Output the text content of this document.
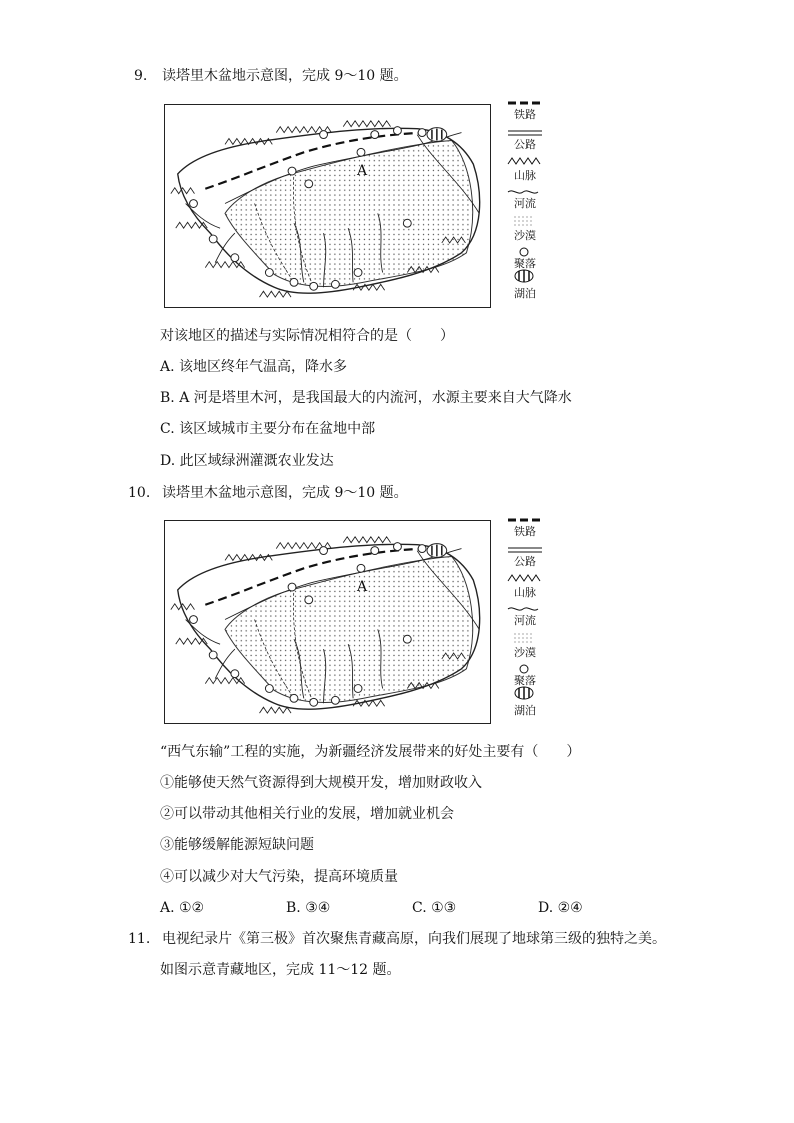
9. 读塔里木盆地示意图，完成 9～10 题。
A
铁路
公路
山脉
河流
沙漠
聚落
湖泊
对该地区的描述与实际情况相符合的是（　　）
A. 该地区终年气温高，降水多
B. A 河是塔里木河，是我国最大的内流河，水源主要来自大气降水
C. 该区域城市主要分布在盆地中部
D. 此区域绿洲灌溉农业发达
10. 读塔里木盆地示意图，完成 9～10 题。
A
铁路
公路
山脉
河流
沙漠
聚落
湖泊
“西气东输”工程的实施，为新疆经济发展带来的好处主要有（　　）
①能够使天然气资源得到大规模开发，增加财政收入
②可以带动其他相关行业的发展，增加就业机会
③能够缓解能源短缺问题
④可以减少对大气污染，提高环境质量
A. ①②	B. ③④	C. ①③	D. ②④
11. 电视纪录片《第三极》首次聚焦青藏高原，向我们展现了地球第三级的独特之美。
如图示意青藏地区，完成 11～12 题。
